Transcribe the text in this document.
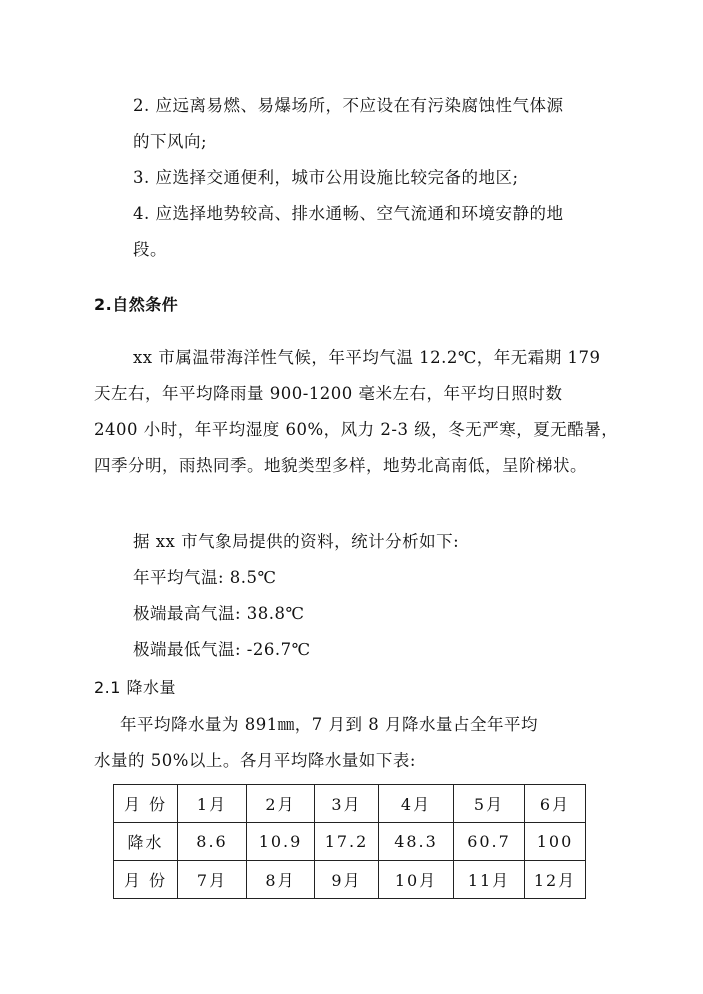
2. 应远离易燃、易爆场所，不应设在有污染腐蚀性气体源
的下风向;
3. 应选择交通便利，城市公用设施比较完备的地区;
4. 应选择地势较高、排水通畅、空气流通和环境安静的地
段。
2.自然条件
xx 市属温带海洋性气候，年平均气温 12.2℃，年无霜期 179
天左右，年平均降雨量 900-1200 毫米左右，年平均日照时数
2400 小时，年平均湿度 60%，风力 2-3 级，冬无严寒，夏无酷暑，
四季分明，雨热同季。地貌类型多样，地势北高南低，呈阶梯状。
据 xx 市气象局提供的资料，统计分析如下:
年平均气温: 8.5℃
极端最高气温: 38.8℃
极端最低气温: -26.7℃
2.1 降水量
年平均降水量为 891㎜，7 月到 8 月降水量占全年平均
水量的 50%以上。各月平均降水量如下表:
月 份	1月	2月	3月	4月	5月	6月
降水	8.6	10.9	17.2	48.3	60.7	100
月 份	7月	8月	9月	10月	11月	12月
